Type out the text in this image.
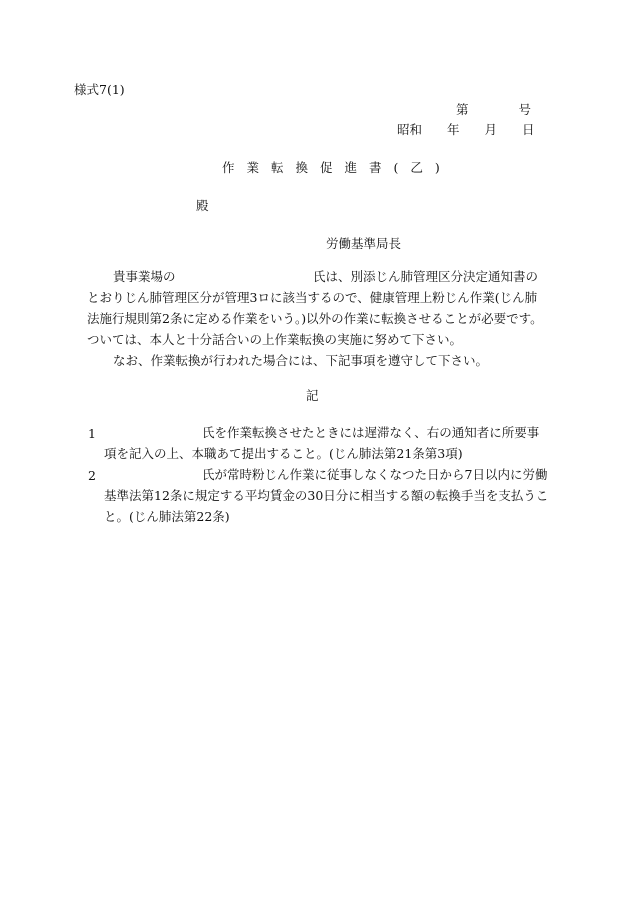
様式7(1)
第　　　　号
昭和　　年　　月　　日
作業転換促進書(乙)
殿
労働基準局長
貴事業場の　　　　　　　　　　　氏は、別添じん肺管理区分決定通知書のとおりじん肺管理区分が管理3ロに該当するので、健康管理上粉じん作業(じん肺法施行規則第2条に定める作業をいう。)以外の作業に転換させることが必要です。ついては、本人と十分話合いの上作業転換の実施に努めて下さい。
なお、作業転換が行われた場合には、下記事項を遵守して下さい。
記
1	氏を作業転換させたときには遅滞なく、右の通知者に所要事項を記入の上、本職あて提出すること。(じん肺法第21条第3項)
2	氏が常時粉じん作業に従事しなくなつた日から7日以内に労働基準法第12条に規定する平均賃金の30日分に相当する額の転換手当を支払うこと。(じん肺法第22条)
